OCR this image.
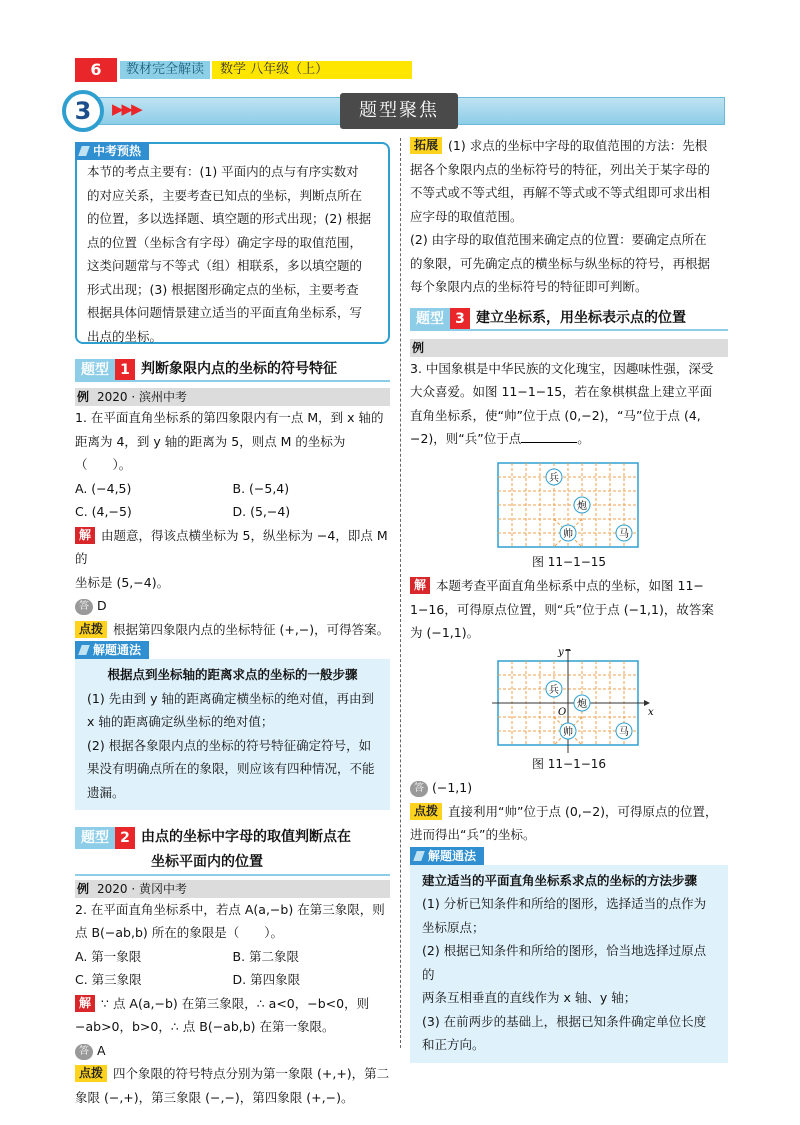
6	教材完全解读	数学 八年级（上）
3	▶▶▶	题型聚焦
中考预热
本节的考点主要有：(1) 平面内的点与有序实数对
的对应关系，主要考查已知点的坐标，判断点所在
的位置，多以选择题、填空题的形式出现；(2) 根据
点的位置（坐标含有字母）确定字母的取值范围，
这类问题常与不等式（组）相联系，多以填空题的
形式出现；(3) 根据图形确定点的坐标，主要考查
根据具体问题情景建立适当的平面直角坐标系，写
出点的坐标。
题型 1 判断象限内点的坐标的符号特征
例 2020 · 滨州中考
1. 在平面直角坐标系的第四象限内有一点 M，到 x 轴的
距离为 4，到 y 轴的距离为 5，则点 M 的坐标为（　　）。
A. (−4,5)	B. (−5,4)
C. (4,−5)	D. (5,−4)
解 由题意，得该点横坐标为 5，纵坐标为 −4，即点 M 的
坐标是 (5,−4)。
答 D
点拨 根据第四象限内点的坐标特征 (+,−)，可得答案。
解题通法
根据点到坐标轴的距离求点的坐标的一般步骤
(1) 先由到 y 轴的距离确定横坐标的绝对值，再由到
x 轴的距离确定纵坐标的绝对值；
(2) 根据各象限内点的坐标的符号特征确定符号，如
果没有明确点所在的象限，则应该有四种情况，不能
遗漏。
题型 2 由点的坐标中字母的取值判断点在
坐标平面内的位置
例 2020 · 黄冈中考
2. 在平面直角坐标系中，若点 A(a,−b) 在第三象限，则
点 B(−ab,b) 所在的象限是（　　）。
A. 第一象限	B. 第二象限
C. 第三象限	D. 第四象限
解 ∵ 点 A(a,−b) 在第三象限，∴ a<0，−b<0，则
−ab>0，b>0，∴ 点 B(−ab,b) 在第一象限。
答 A
点拨 四个象限的符号特点分别为第一象限 (+,+)，第二
象限 (−,+)，第三象限 (−,−)，第四象限 (+,−)。
拓展 (1) 求点的坐标中字母的取值范围的方法：先根
据各个象限内点的坐标符号的特征，列出关于某字母的
不等式或不等式组，再解不等式或不等式组即可求出相
应字母的取值范围。
(2) 由字母的取值范围来确定点的位置：要确定点所在
的象限，可先确定点的横坐标与纵坐标的符号，再根据
每个象限内点的坐标符号的特征即可判断。
题型 3 建立坐标系，用坐标表示点的位置
例
3. 中国象棋是中华民族的文化瑰宝，因趣味性强，深受
大众喜爱。如图 11−1−15，若在象棋棋盘上建立平面
直角坐标系，使“帅”位于点 (0,−2)，“马”位于点 (4,
−2)，则“兵”位于点	。
兵
炮
帅	马
图 11−1−15
解 本题考查平面直角坐标系中点的坐标，如图 11−
1−16，可得原点位置，则“兵”位于点 (−1,1)，故答案
为 (−1,1)。
x
y
O
兵
炮
帅	马
图 11−1−16
答 (−1,1)
点拨 直接利用“帅”位于点 (0,−2)，可得原点的位置，
进而得出“兵”的坐标。
解题通法
建立适当的平面直角坐标系求点的坐标的方法步骤
(1) 分析已知条件和所给的图形，选择适当的点作为
坐标原点；
(2) 根据已知条件和所给的图形，恰当地选择过原点的
两条互相垂直的直线作为 x 轴、y 轴；
(3) 在前两步的基础上，根据已知条件确定单位长度
和正方向。
